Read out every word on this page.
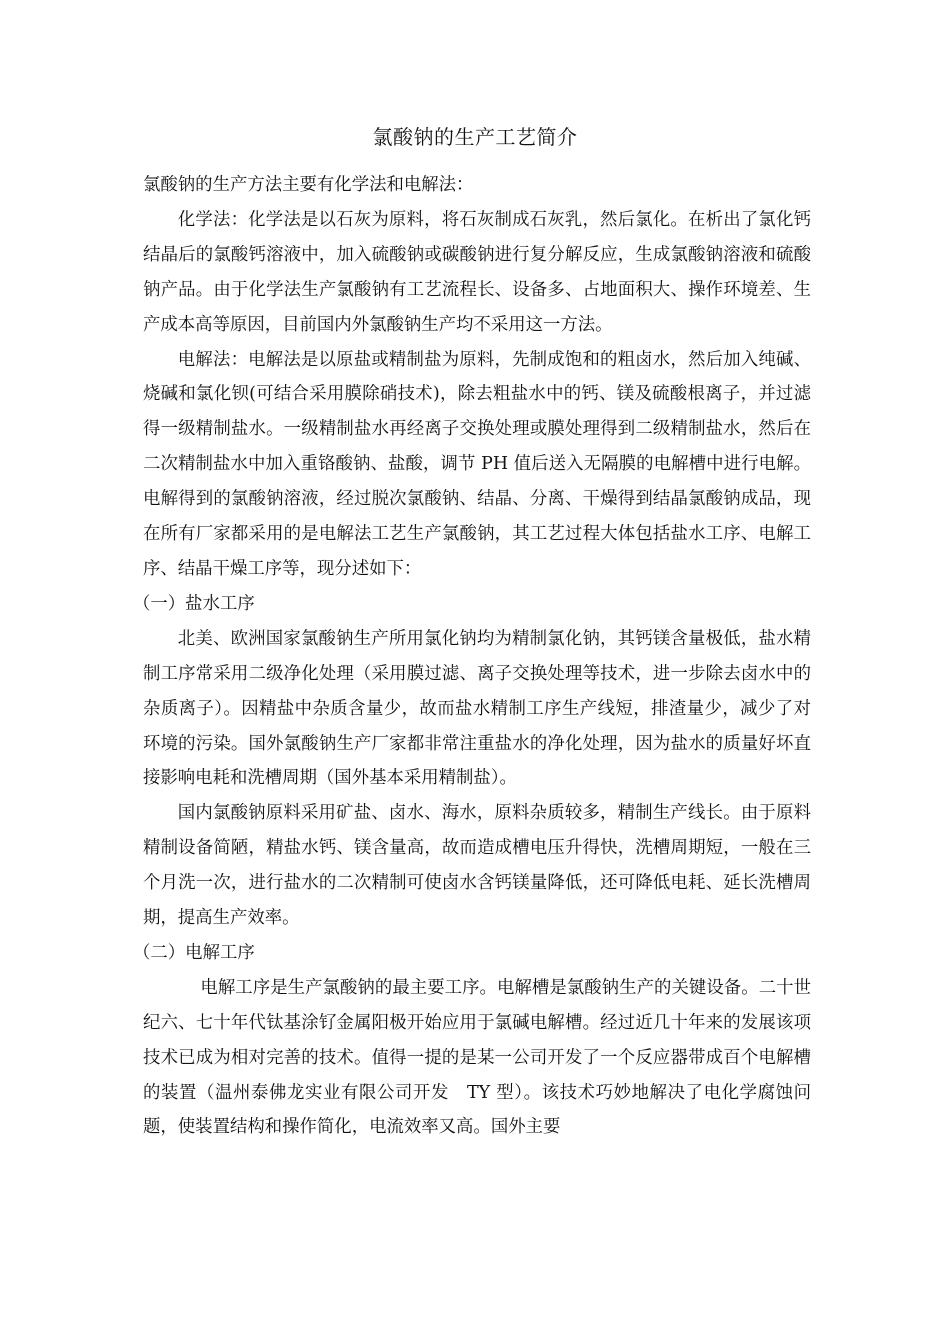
氯酸钠的生产工艺简介

氯酸钠的生产方法主要有化学法和电解法：

化学法：化学法是以石灰为原料，将石灰制成石灰乳，然后氯化。在析出了氯化钙结晶后的氯酸钙溶液中，加入硫酸钠或碳酸钠进行复分解反应，生成氯酸钠溶液和硫酸钠产品。由于化学法生产氯酸钠有工艺流程长、设备多、占地面积大、操作环境差、生产成本高等原因，目前国内外氯酸钠生产均不采用这一方法。

电解法：电解法是以原盐或精制盐为原料，先制成饱和的粗卤水，然后加入纯碱、烧碱和氯化钡(可结合采用膜除硝技术)，除去粗盐水中的钙、镁及硫酸根离子，并过滤得一级精制盐水。一级精制盐水再经离子交换处理或膜处理得到二级精制盐水，然后在二次精制盐水中加入重铬酸钠、盐酸，调节 PH 值后送入无隔膜的电解槽中进行电解。电解得到的氯酸钠溶液，经过脱次氯酸钠、结晶、分离、干燥得到结晶氯酸钠成品，现在所有厂家都采用的是电解法工艺生产氯酸钠，其工艺过程大体包括盐水工序、电解工序、结晶干燥工序等，现分述如下：

（一）盐水工序

北美、欧洲国家氯酸钠生产所用氯化钠均为精制氯化钠，其钙镁含量极低，盐水精制工序常采用二级净化处理（采用膜过滤、离子交换处理等技术，进一步除去卤水中的杂质离子）。因精盐中杂质含量少，故而盐水精制工序生产线短，排渣量少，减少了对环境的污染。国外氯酸钠生产厂家都非常注重盐水的净化处理，因为盐水的质量好坏直接影响电耗和洗槽周期（国外基本采用精制盐）。

国内氯酸钠原料采用矿盐、卤水、海水，原料杂质较多，精制生产线长。由于原料精制设备简陋，精盐水钙、镁含量高，故而造成槽电压升得快，洗槽周期短，一般在三个月洗一次，进行盐水的二次精制可使卤水含钙镁量降低，还可降低电耗、延长洗槽周期，提高生产效率。

（二）电解工序

电解工序是生产氯酸钠的最主要工序。电解槽是氯酸钠生产的关键设备。二十世纪六、七十年代钛基涂钌金属阳极开始应用于氯碱电解槽。经过近几十年来的发展该项技术已成为相对完善的技术。值得一提的是某一公司开发了一个反应器带成百个电解槽的装置（温州泰佛龙实业有限公司开发　TY 型）。该技术巧妙地解决了电化学腐蚀问题，使装置结构和操作简化，电流效率又高。国外主要
